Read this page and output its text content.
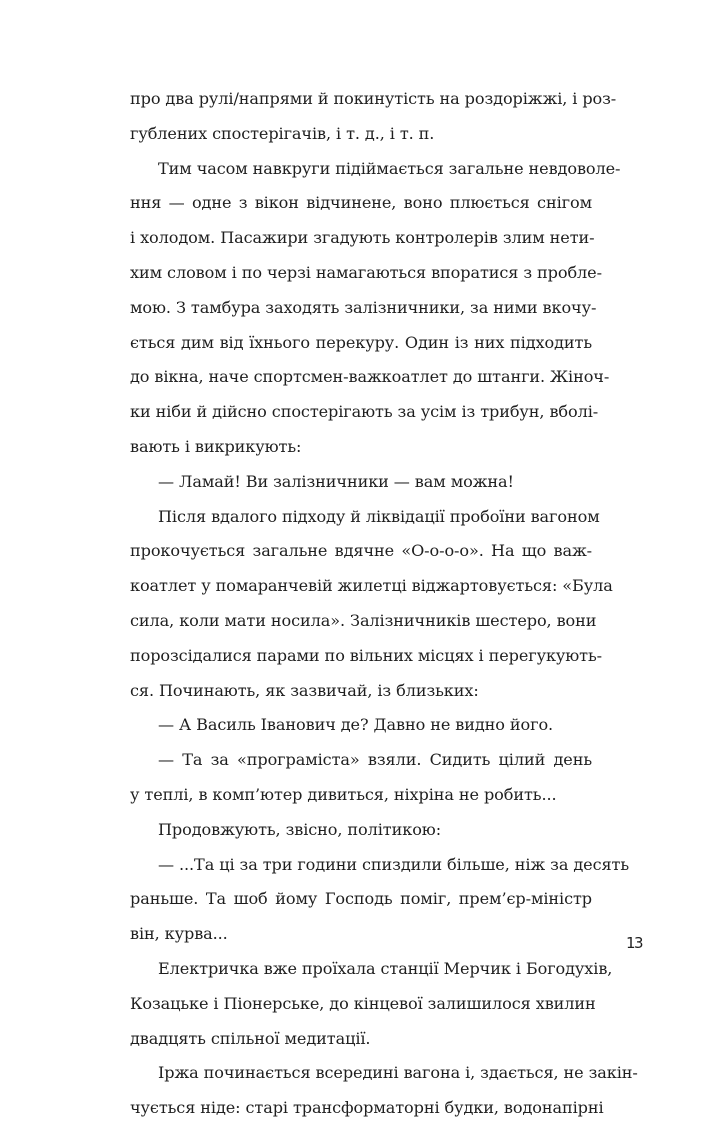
про два рулі/напрями й покинутість на роздоріжжі, і роз-
гублених спостерігачів, і т. д., і т. п.
Тим часом навкруги підіймається загальне невдоволе-
ння — одне з вікон відчинене, воно плюється снігом
і холодом. Пасажири згадують контролерів злим нети-
хим словом і по черзі намагаються впоратися з пробле-
мою. З тамбура заходять залізничники, за ними вкочу-
ється дим від їхнього перекуру. Один із них підходить
до вікна, наче спортсмен-важкоатлет до штанги. Жіноч-
ки ніби й дійсно спостерігають за усім із трибун, вболі-
вають і викрикують:
— Ламай! Ви залізничники — вам можна!
Після вдалого підходу й ліквідації пробоїни вагоном
прокочується загальне вдячне «О-о-о-о». На що важ-
коатлет у помаранчевій жилетці віджартовується: «Була
сила, коли мати носила». Залізничників шестеро, вони
порозсідалися парами по вільних місцях і перегукують-
ся. Починають, як зазвичай, із близьких:
— А Василь Іванович де? Давно не видно його.
— Та за «програміста» взяли. Сидить цілий день
у теплі, в комп’ютер дивиться, ніхріна не робить...
Продовжують, звісно, політикою:
— ...Та ці за три години спиздили більше, ніж за десять
раньше. Та шоб йому Господь поміг, прем’єр-міністр
він, курва...
Електричка вже проїхала станції Мерчик і Богодухів,
Козацьке і Піонерське, до кінцевої залишилося хвилин
двадцять спільної медитації.
Іржа починається всередині вагона і, здається, не закін-
чується ніде: старі трансформаторні будки, водонапірні
13
